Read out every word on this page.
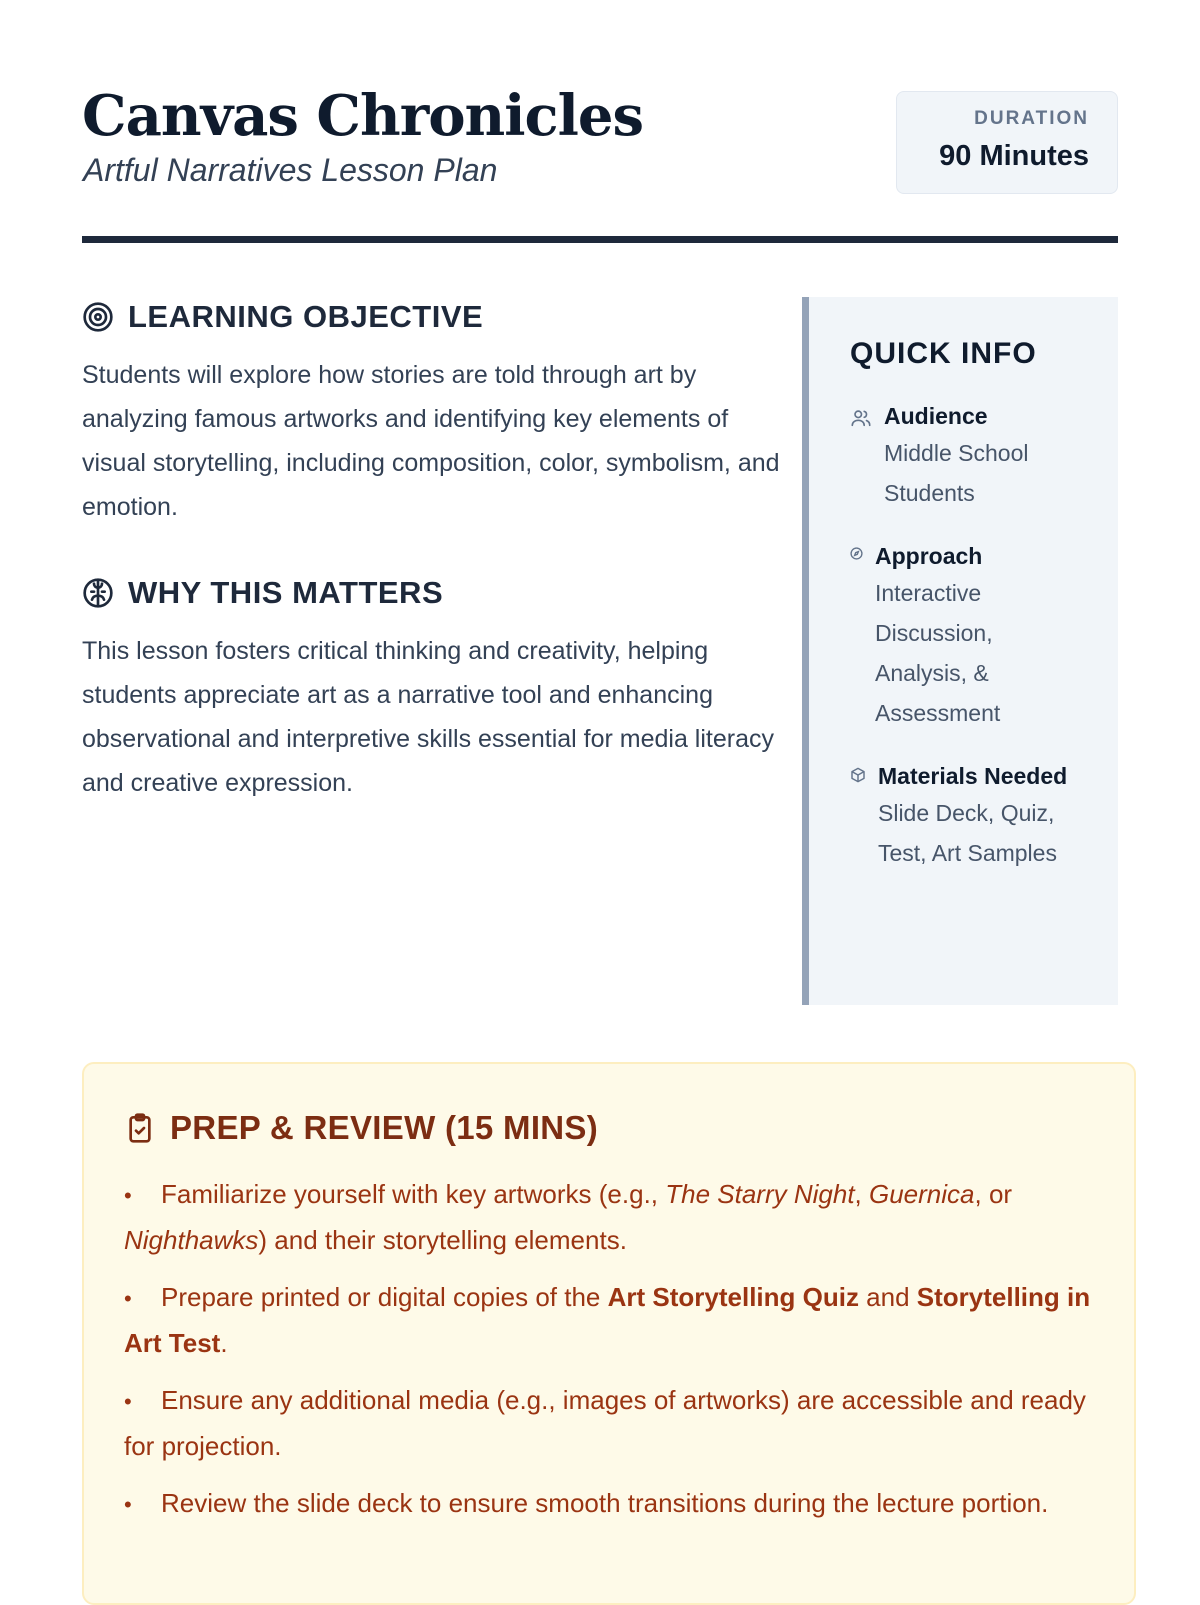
Canvas Chronicles
Artful Narratives Lesson Plan
DURATION
90 Minutes
LEARNING OBJECTIVE

Students will explore how stories are told through art by analyzing famous artworks and identifying key elements of visual storytelling, including composition, color, symbolism, and emotion.

WHY THIS MATTERS

This lesson fosters critical thinking and creativity, helping students appreciate art as a narrative tool and enhancing observational and interpretive skills essential for media literacy and creative expression.

QUICK INFO
Audience
Middle School Students
Approach
Interactive Discussion, Analysis, & Assessment
Materials Needed
Slide Deck, Quiz, Test, Art Samples
PREP & REVIEW (15 MINS)
• Familiarize yourself with key artworks (e.g., The Starry Night, Guernica, or Nighthawks) and their storytelling elements.
• Prepare printed or digital copies of the Art Storytelling Quiz and Storytelling in Art Test.
• Ensure any additional media (e.g., images of artworks) are accessible and ready for projection.
• Review the slide deck to ensure smooth transitions during the lecture portion.
